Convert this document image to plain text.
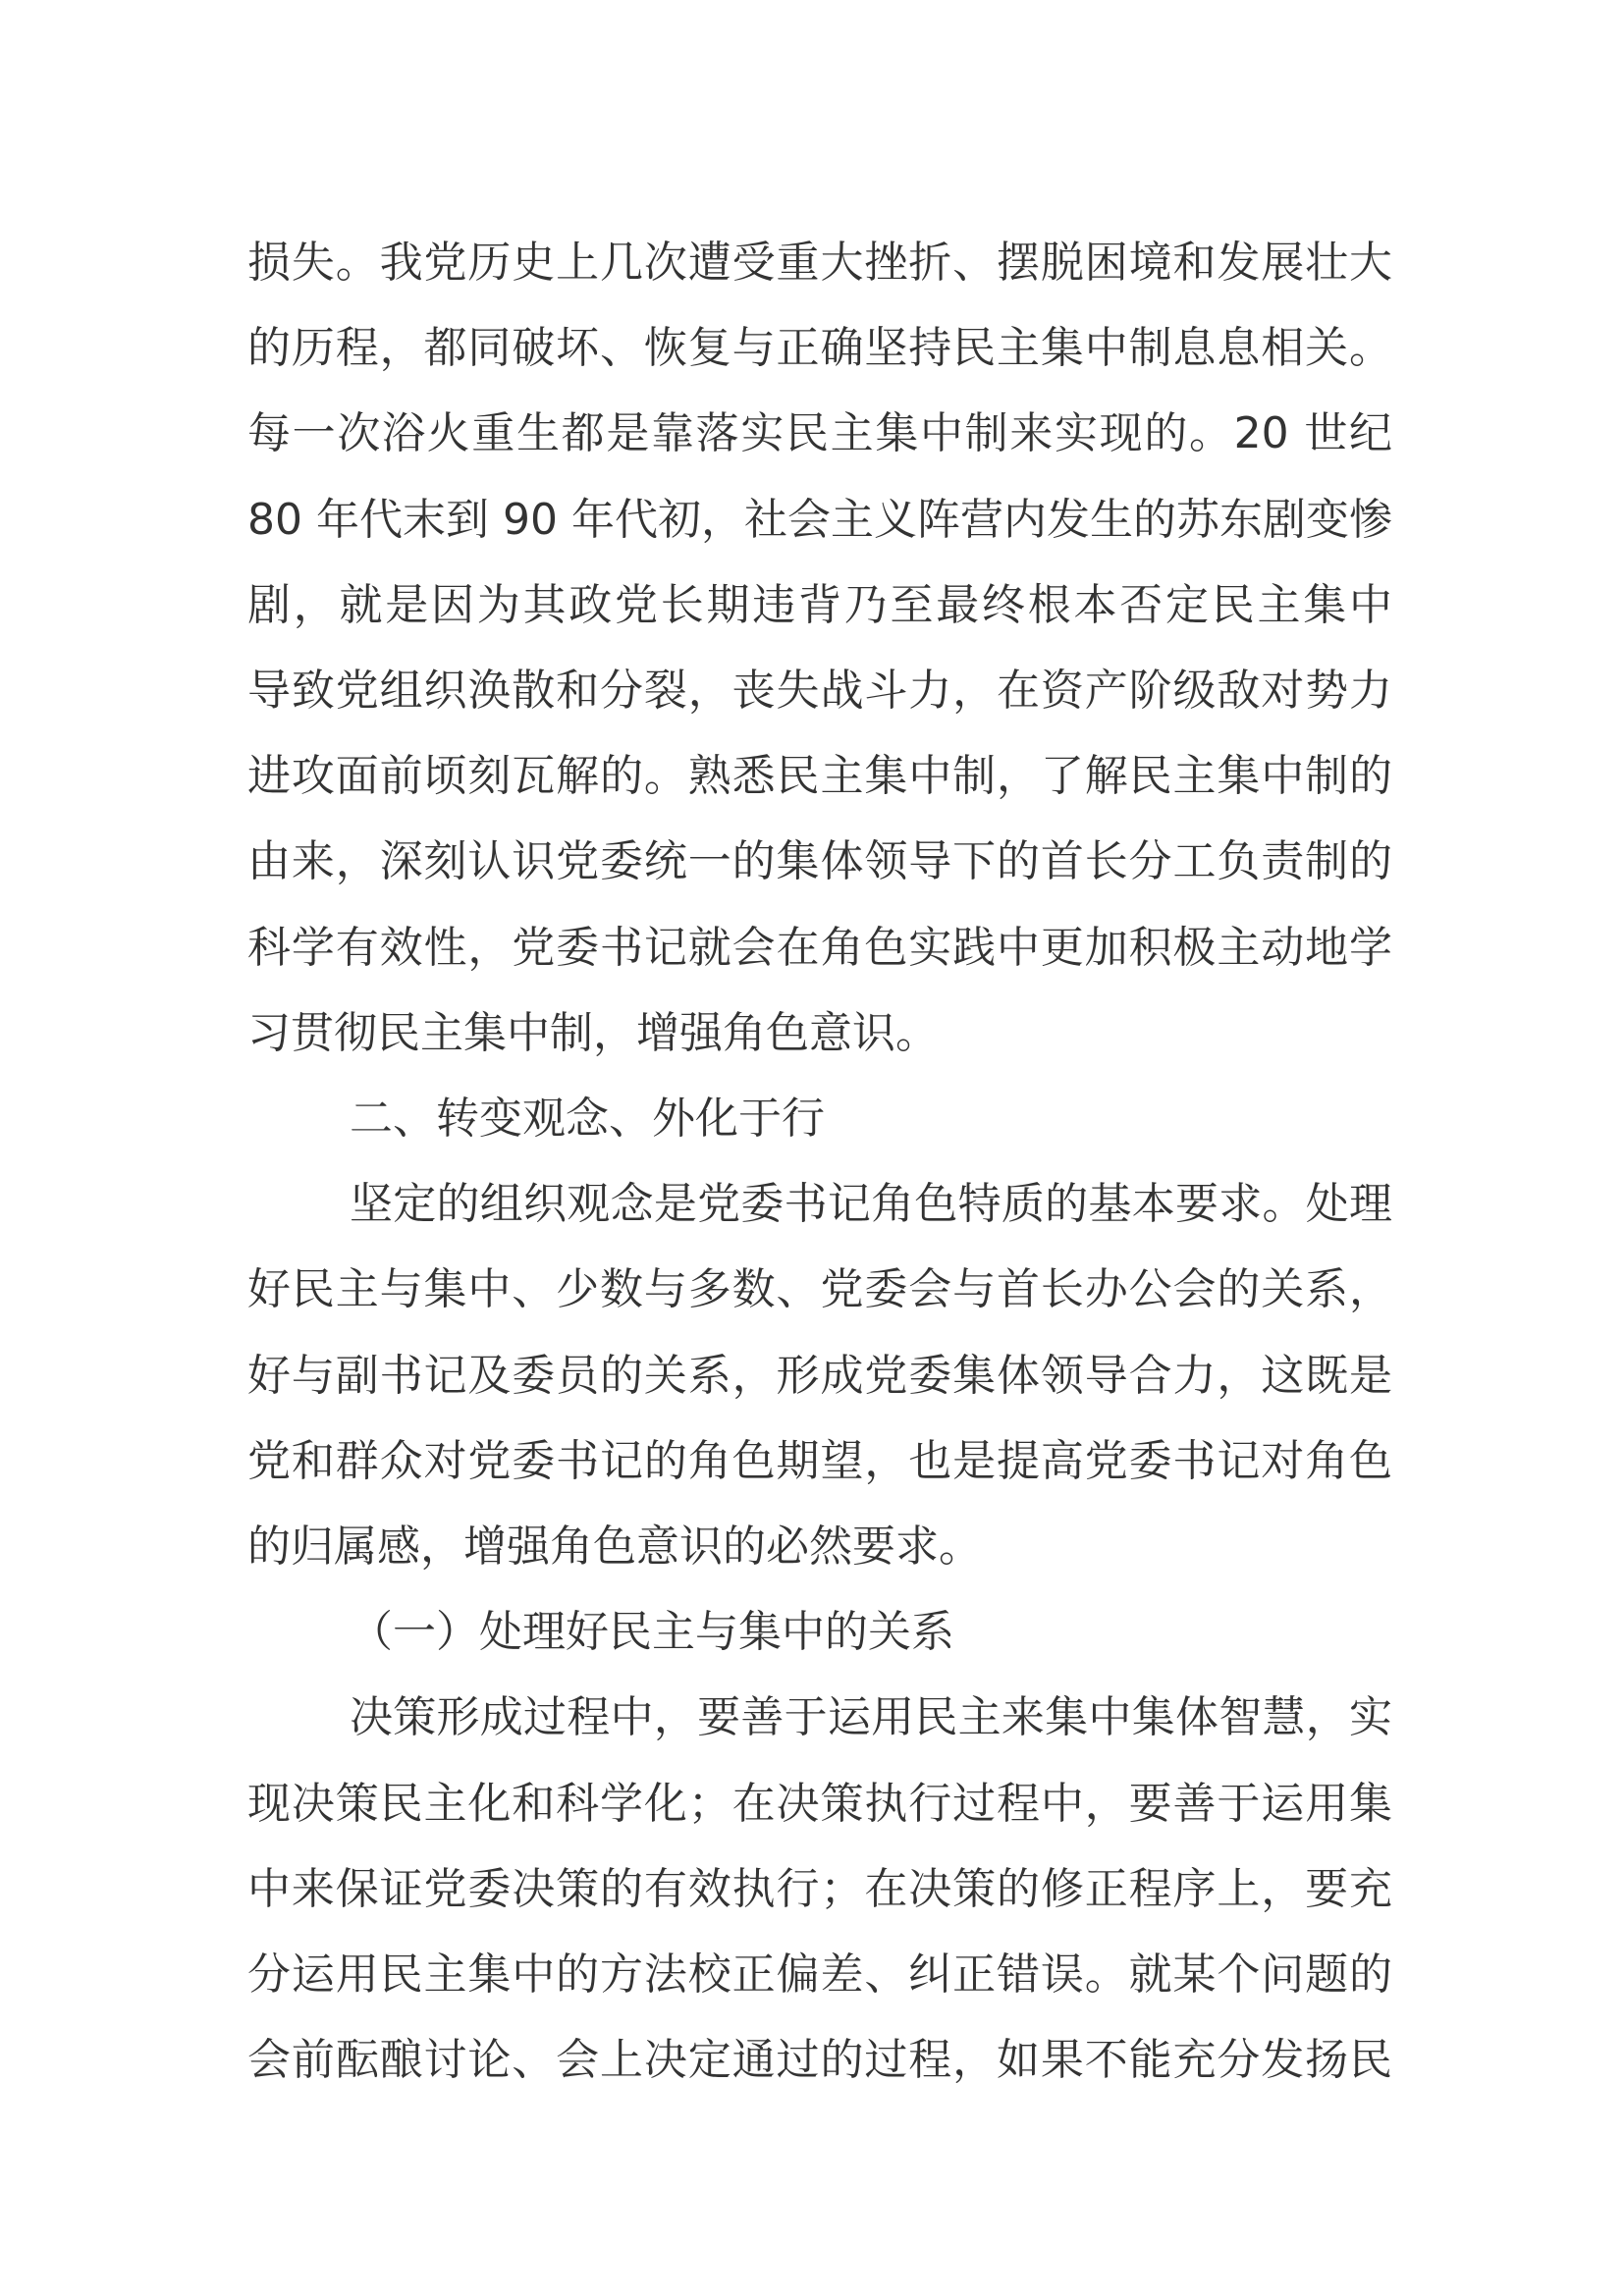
损失。我党历史上几次遭受重大挫折、摆脱困境和发展壮大
的历程，都同破坏、恢复与正确坚持民主集中制息息相关。
每一次浴火重生都是靠落实民主集中制来实现的。20 世纪
80 年代末到 90 年代初，社会主义阵营内发生的苏东剧变惨
剧，就是因为其政党长期违背乃至最终根本否定民主集中
导致党组织涣散和分裂，丧失战斗力，在资产阶级敌对势力
进攻面前顷刻瓦解的。熟悉民主集中制，了解民主集中制的
由来，深刻认识党委统一的集体领导下的首长分工负责制的
科学有效性，党委书记就会在角色实践中更加积极主动地学
习贯彻民主集中制，增强角色意识。
二、转变观念、外化于行
坚定的组织观念是党委书记角色特质的基本要求。处理
好民主与集中、少数与多数、党委会与首长办公会的关系，
好与副书记及委员的关系，形成党委集体领导合力，这既是
党和群众对党委书记的角色期望，也是提高党委书记对角色
的归属感，增强角色意识的必然要求。
（一）处理好民主与集中的关系
决策形成过程中，要善于运用民主来集中集体智慧，实
现决策民主化和科学化；在决策执行过程中，要善于运用集
中来保证党委决策的有效执行；在决策的修正程序上，要充
分运用民主集中的方法校正偏差、纠正错误。就某个问题的
会前酝酿讨论、会上决定通过的过程，如果不能充分发扬民
